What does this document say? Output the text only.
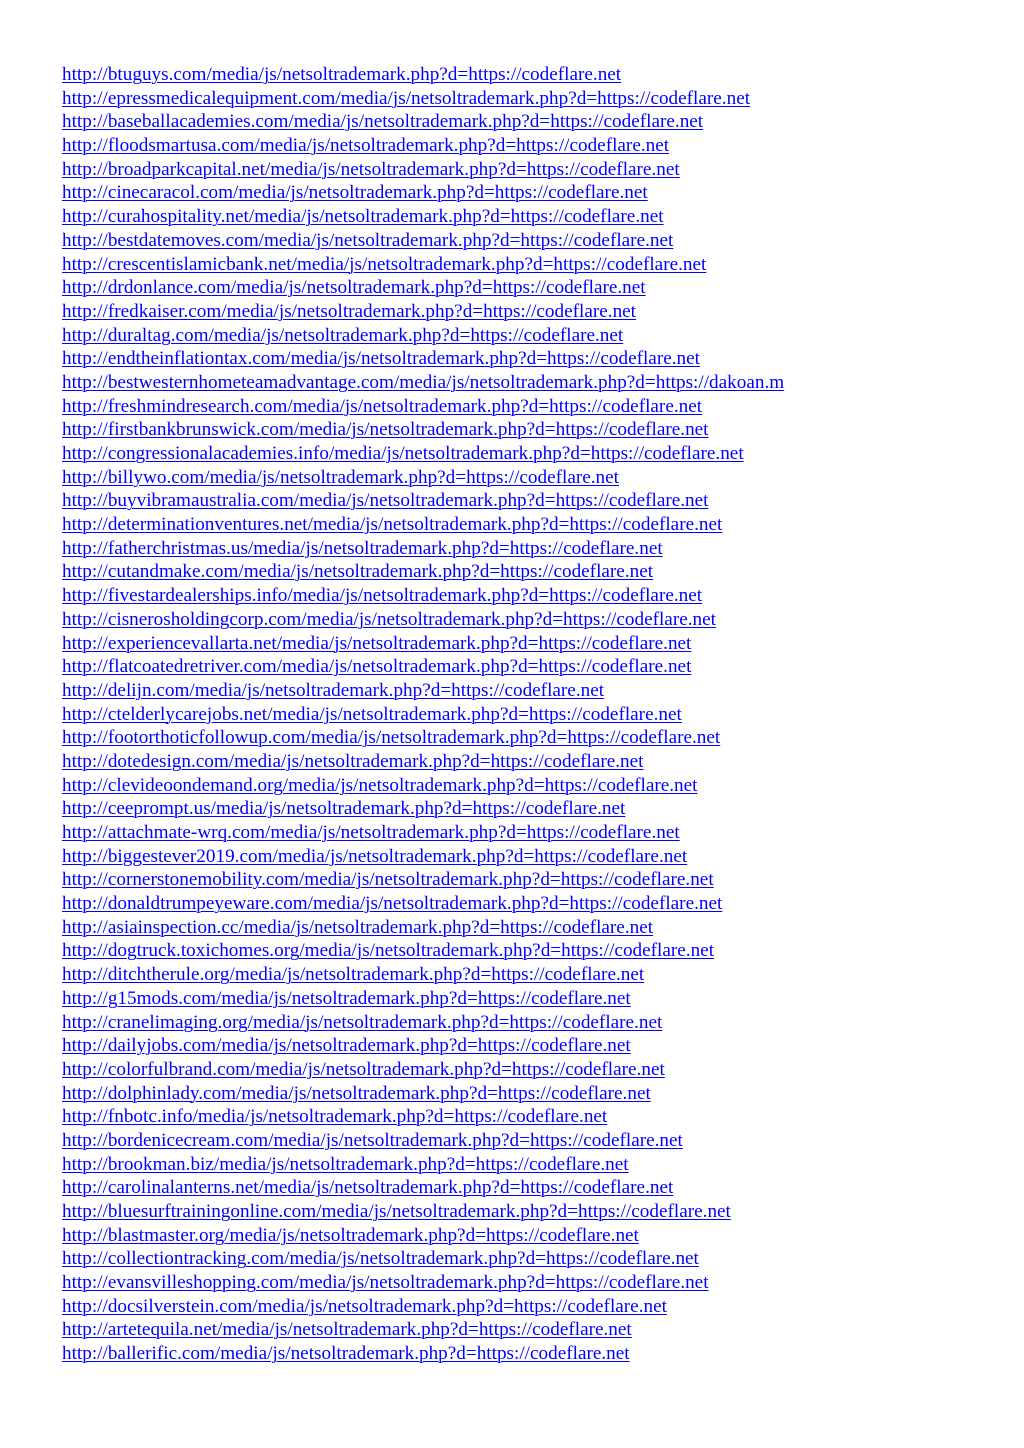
http://btuguys.com/media/js/netsoltrademark.php?d=https://codeflare.net
http://epressmedicalequipment.com/media/js/netsoltrademark.php?d=https://codeflare.net
http://baseballacademies.com/media/js/netsoltrademark.php?d=https://codeflare.net
http://floodsmartusa.com/media/js/netsoltrademark.php?d=https://codeflare.net
http://broadparkcapital.net/media/js/netsoltrademark.php?d=https://codeflare.net
http://cinecaracol.com/media/js/netsoltrademark.php?d=https://codeflare.net
http://curahospitality.net/media/js/netsoltrademark.php?d=https://codeflare.net
http://bestdatemoves.com/media/js/netsoltrademark.php?d=https://codeflare.net
http://crescentislamicbank.net/media/js/netsoltrademark.php?d=https://codeflare.net
http://drdonlance.com/media/js/netsoltrademark.php?d=https://codeflare.net
http://fredkaiser.com/media/js/netsoltrademark.php?d=https://codeflare.net
http://duraltag.com/media/js/netsoltrademark.php?d=https://codeflare.net
http://endtheinflationtax.com/media/js/netsoltrademark.php?d=https://codeflare.net
http://bestwesternhometeamadvantage.com/media/js/netsoltrademark.php?d=https://dakoan.m
http://freshmindresearch.com/media/js/netsoltrademark.php?d=https://codeflare.net
http://firstbankbrunswick.com/media/js/netsoltrademark.php?d=https://codeflare.net
http://congressionalacademies.info/media/js/netsoltrademark.php?d=https://codeflare.net
http://billywo.com/media/js/netsoltrademark.php?d=https://codeflare.net
http://buyvibramaustralia.com/media/js/netsoltrademark.php?d=https://codeflare.net
http://determinationventures.net/media/js/netsoltrademark.php?d=https://codeflare.net
http://fatherchristmas.us/media/js/netsoltrademark.php?d=https://codeflare.net
http://cutandmake.com/media/js/netsoltrademark.php?d=https://codeflare.net
http://fivestardealerships.info/media/js/netsoltrademark.php?d=https://codeflare.net
http://cisnerosholdingcorp.com/media/js/netsoltrademark.php?d=https://codeflare.net
http://experiencevallarta.net/media/js/netsoltrademark.php?d=https://codeflare.net
http://flatcoatedretriver.com/media/js/netsoltrademark.php?d=https://codeflare.net
http://delijn.com/media/js/netsoltrademark.php?d=https://codeflare.net
http://ctelderlycarejobs.net/media/js/netsoltrademark.php?d=https://codeflare.net
http://footorthoticfollowup.com/media/js/netsoltrademark.php?d=https://codeflare.net
http://dotedesign.com/media/js/netsoltrademark.php?d=https://codeflare.net
http://clevideoondemand.org/media/js/netsoltrademark.php?d=https://codeflare.net
http://ceeprompt.us/media/js/netsoltrademark.php?d=https://codeflare.net
http://attachmate-wrq.com/media/js/netsoltrademark.php?d=https://codeflare.net
http://biggestever2019.com/media/js/netsoltrademark.php?d=https://codeflare.net
http://cornerstonemobility.com/media/js/netsoltrademark.php?d=https://codeflare.net
http://donaldtrumpeyeware.com/media/js/netsoltrademark.php?d=https://codeflare.net
http://asiainspection.cc/media/js/netsoltrademark.php?d=https://codeflare.net
http://dogtruck.toxichomes.org/media/js/netsoltrademark.php?d=https://codeflare.net
http://ditchtherule.org/media/js/netsoltrademark.php?d=https://codeflare.net
http://g15mods.com/media/js/netsoltrademark.php?d=https://codeflare.net
http://cranelimaging.org/media/js/netsoltrademark.php?d=https://codeflare.net
http://dailyjobs.com/media/js/netsoltrademark.php?d=https://codeflare.net
http://colorfulbrand.com/media/js/netsoltrademark.php?d=https://codeflare.net
http://dolphinlady.com/media/js/netsoltrademark.php?d=https://codeflare.net
http://fnbotc.info/media/js/netsoltrademark.php?d=https://codeflare.net
http://bordenicecream.com/media/js/netsoltrademark.php?d=https://codeflare.net
http://brookman.biz/media/js/netsoltrademark.php?d=https://codeflare.net
http://carolinalanterns.net/media/js/netsoltrademark.php?d=https://codeflare.net
http://bluesurftrainingonline.com/media/js/netsoltrademark.php?d=https://codeflare.net
http://blastmaster.org/media/js/netsoltrademark.php?d=https://codeflare.net
http://collectiontracking.com/media/js/netsoltrademark.php?d=https://codeflare.net
http://evansvilleshopping.com/media/js/netsoltrademark.php?d=https://codeflare.net
http://docsilverstein.com/media/js/netsoltrademark.php?d=https://codeflare.net
http://artetequila.net/media/js/netsoltrademark.php?d=https://codeflare.net
http://ballerific.com/media/js/netsoltrademark.php?d=https://codeflare.net
